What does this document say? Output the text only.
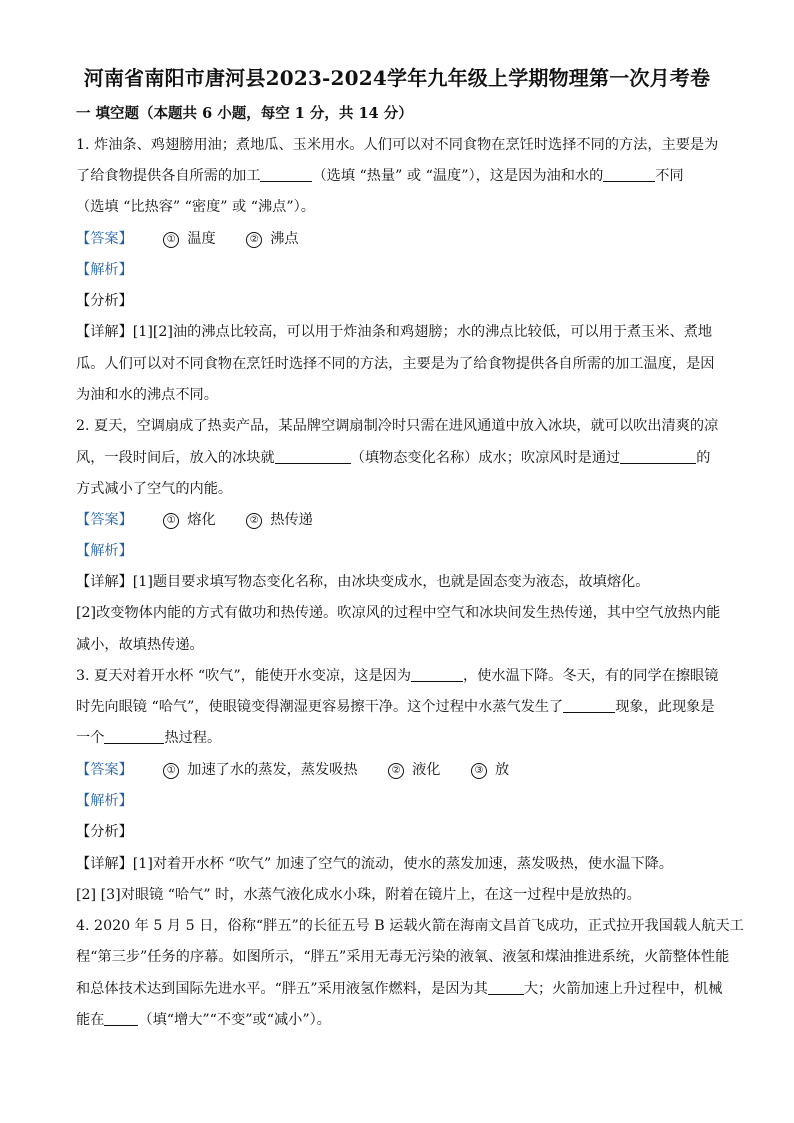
河南省南阳市唐河县2023-2024学年九年级上学期物理第一次月考卷
一 填空题（本题共 6 小题，每空 1 分，共 14 分）
1. 炸油条、鸡翅膀用油；煮地瓜、玉米用水。人们可以对不同食物在烹饪时选择不同的方法，主要是为
了给食物提供各自所需的加工	（选填 “热量” 或 “温度”），这是因为油和水的	不同
（选填 “比热容” “密度” 或 “沸点”）。
【答案】	① 温度	② 沸点
【解析】
【分析】
【详解】[1][2]油的沸点比较高，可以用于炸油条和鸡翅膀；水的沸点比较低，可以用于煮玉米、煮地
瓜。人们可以对不同食物在烹饪时选择不同的方法，主要是为了给食物提供各自所需的加工温度，是因
为油和水的沸点不同。
2. 夏天，空调扇成了热卖产品，某品牌空调扇制冷时只需在进风通道中放入冰块，就可以吹出清爽的凉
风，一段时间后，放入的冰块就	（填物态变化名称）成水；吹凉风时是通过	的
方式减小了空气的内能。
【答案】	① 熔化	② 热传递
【解析】
【详解】[1]题目要求填写物态变化名称，由冰块变成水，也就是固态变为液态，故填熔化。
[2]改变物体内能的方式有做功和热传递。吹凉风的过程中空气和冰块间发生热传递，其中空气放热内能
减小，故填热传递。
3. 夏天对着开水杯 “吹气”，能使开水变凉，这是因为	，使水温下降。冬天，有的同学在擦眼镜
时先向眼镜 “哈气”，使眼镜变得潮湿更容易擦干净。这个过程中水蒸气发生了	现象，此现象是
一个	热过程。
【答案】	① 加速了水的蒸发，蒸发吸热	② 液化	③ 放
【解析】
【分析】
【详解】[1]对着开水杯 “吹气” 加速了空气的流动，使水的蒸发加速，蒸发吸热，使水温下降。
[2] [3]对眼镜 “哈气” 时，水蒸气液化成水小珠，附着在镜片上，在这一过程中是放热的。
4. 2020 年 5 月 5 日，俗称“胖五”的长征五号 B 运载火箭在海南文昌首飞成功，正式拉开我国载人航天工
程“第三步”任务的序幕。如图所示，“胖五”采用无毒无污染的液氧、液氢和煤油推进系统，火箭整体性能
和总体技术达到国际先进水平。“胖五”采用液氢作燃料，是因为其	大；火箭加速上升过程中，机械
能在 （填“增大”“不变”或“减小”）。
